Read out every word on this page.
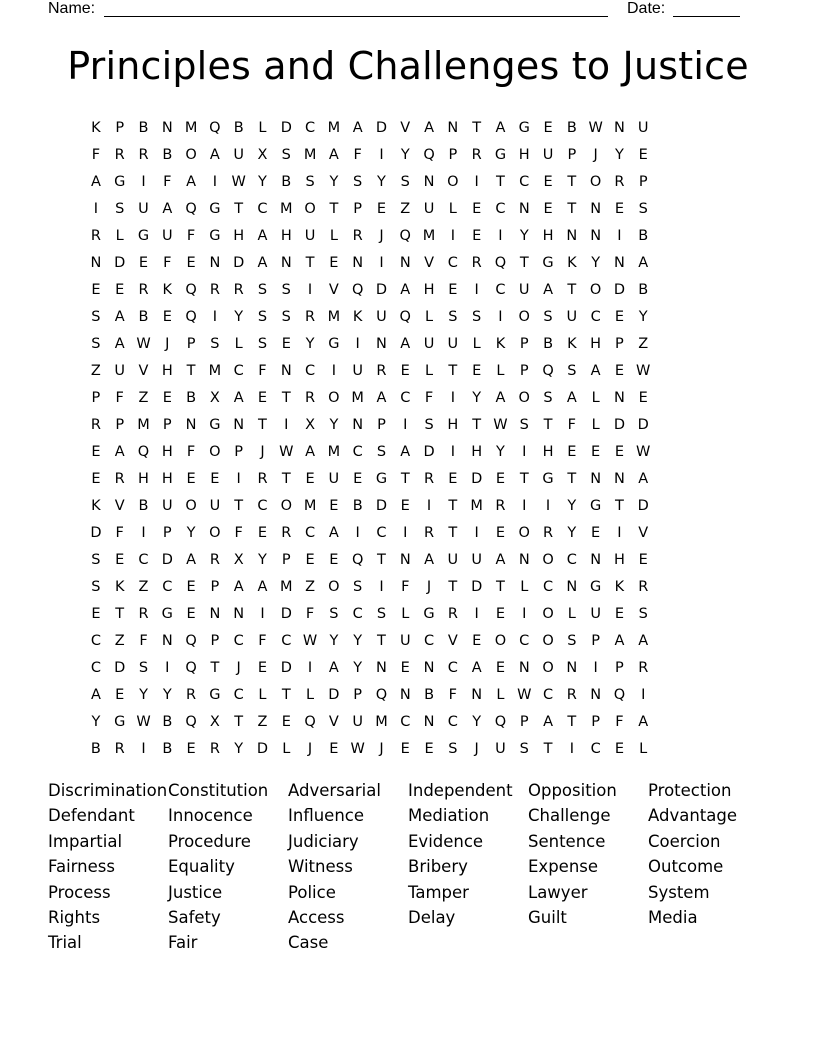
Name:	Date:
Principles and Challenges to Justice
K	P B N M Q B	L D C M A D V A N T A G E B W N U
F	R R B O A U X S M A	F	I	Y Q P R G H U P	J	Y	E
A G	I	F	A	I W Y B S	Y	S	Y	S N O	I	T C E	T O R P
I	S U A Q G T C M O T	P	E Z U L	E C N E	T N E	S
R	L G U F G H A H U L	R	J	Q M	I	E	I	Y H N N	I	B
N D E	F	E N D A N T	E N	I	N V C R Q T G K	Y N A
E	E R K Q R R S	S	I	V Q D A H E	I	C U A T O D B
S A B E Q	I	Y	S	S R M K U Q L	S	S	I	O S U C E	Y
S A W J	P	S	L	S	E	Y G	I	N A U U L	K	P B K H P Z
Z U V H T M C	F N C	I	U R E	L	T	E	L	P Q S A E W
P	F	Z E B X A E	T R O M A C	F	I	Y A O S A	L N E
R P M P N G N T	I	X Y N P	I	S H T W S	T	F	L D D
E A Q H F O P	J W A M C S A D	I	H Y	I	H E	E	E W
E R H H E	E	I	R T	E U E G T R E D E	T G T N N A
K V B U O U T C O M E B D E	I	T M R	I	I	Y G T D
D F	I	P	Y O F	E R C A	I	C	I	R T	I	E O R Y	E	I	V
S	E C D A R X Y	P	E	E Q T N A U U A N O C N H E
S K Z C E	P A A M Z O S	I	F	J	T D T	L	C N G K R
E	T R G E N N	I	D F	S C S	L G R	I	E	I	O L U E	S
C Z	F N Q P C	F	C W Y	Y	T U C V E O C O S	P A A
C D S	I	Q T	J	E D	I	A Y N E N C A E N O N	I	P R
A E	Y	Y R G C	L	T	L D P Q N B	F N L W C R N Q	I
Y G W B Q X T Z E Q V U M C N C Y Q P A T	P	F	A
B R	I	B E R Y D L	J	E W J	E	E	S	J	U S	T	I	C E	L
Discrimination Constitution	Adversarial	Independent Opposition	Protection
Defendant	Innocence	Influence	Mediation	Challenge	Advantage
Impartial	Procedure	Judiciary	Evidence	Sentence	Coercion
Fairness	Equality	Witness	Bribery	Expense	Outcome
Process	Justice	Police	Tamper	Lawyer	System
Rights	Safety	Access	Delay	Guilt	Media
Trial	Fair	Case
